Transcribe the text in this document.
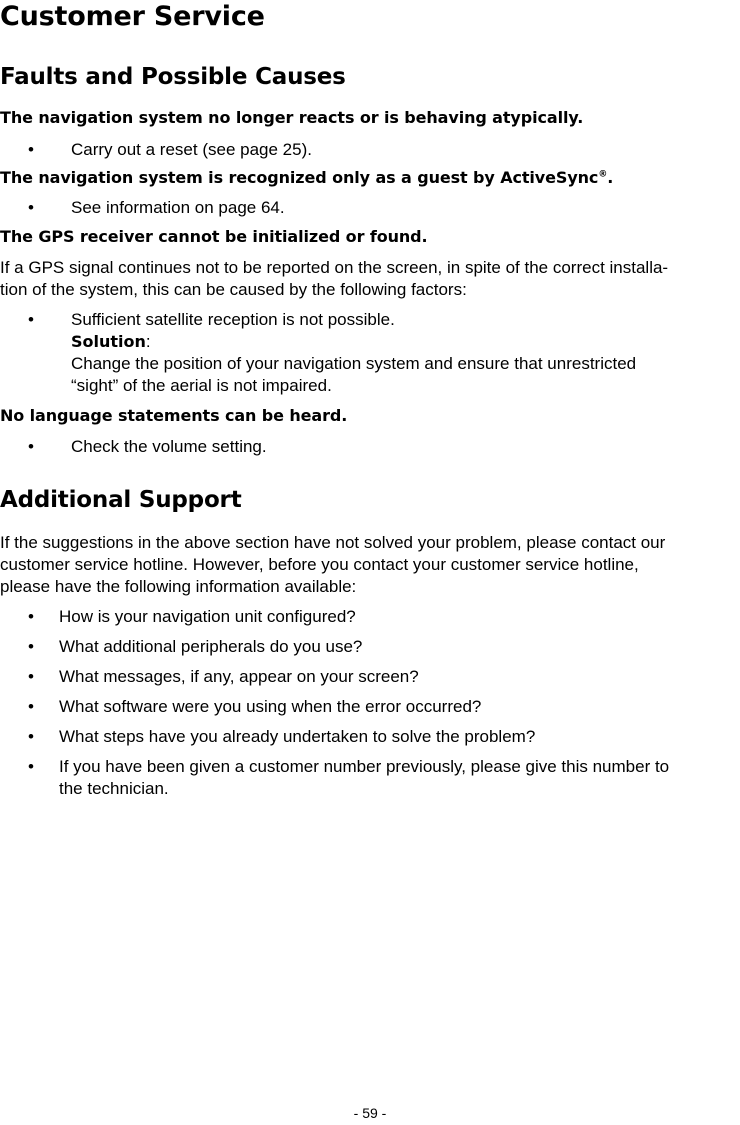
Customer Service
Faults and Possible Causes
The navigation system no longer reacts or is behaving atypically.
• Carry out a reset (see page 25).
The navigation system is recognized only as a guest by ActiveSync®.
• See information on page 64.
The GPS receiver cannot be initialized or found.
If a GPS signal continues not to be reported on the screen, in spite of the correct installa-
tion of the system, this can be caused by the following factors:
• Sufficient satellite reception is not possible.
Solution:
Change the position of your navigation system and ensure that unrestricted
“sight” of the aerial is not impaired.
No language statements can be heard.
• Check the volume setting.
Additional Support
If the suggestions in the above section have not solved your problem, please contact our
customer service hotline. However, before you contact your customer service hotline,
please have the following information available:
• How is your navigation unit configured?
• What additional peripherals do you use?
• What messages, if any, appear on your screen?
• What software were you using when the error occurred?
• What steps have you already undertaken to solve the problem?
• If you have been given a customer number previously, please give this number to
the technician.
- 59 -
